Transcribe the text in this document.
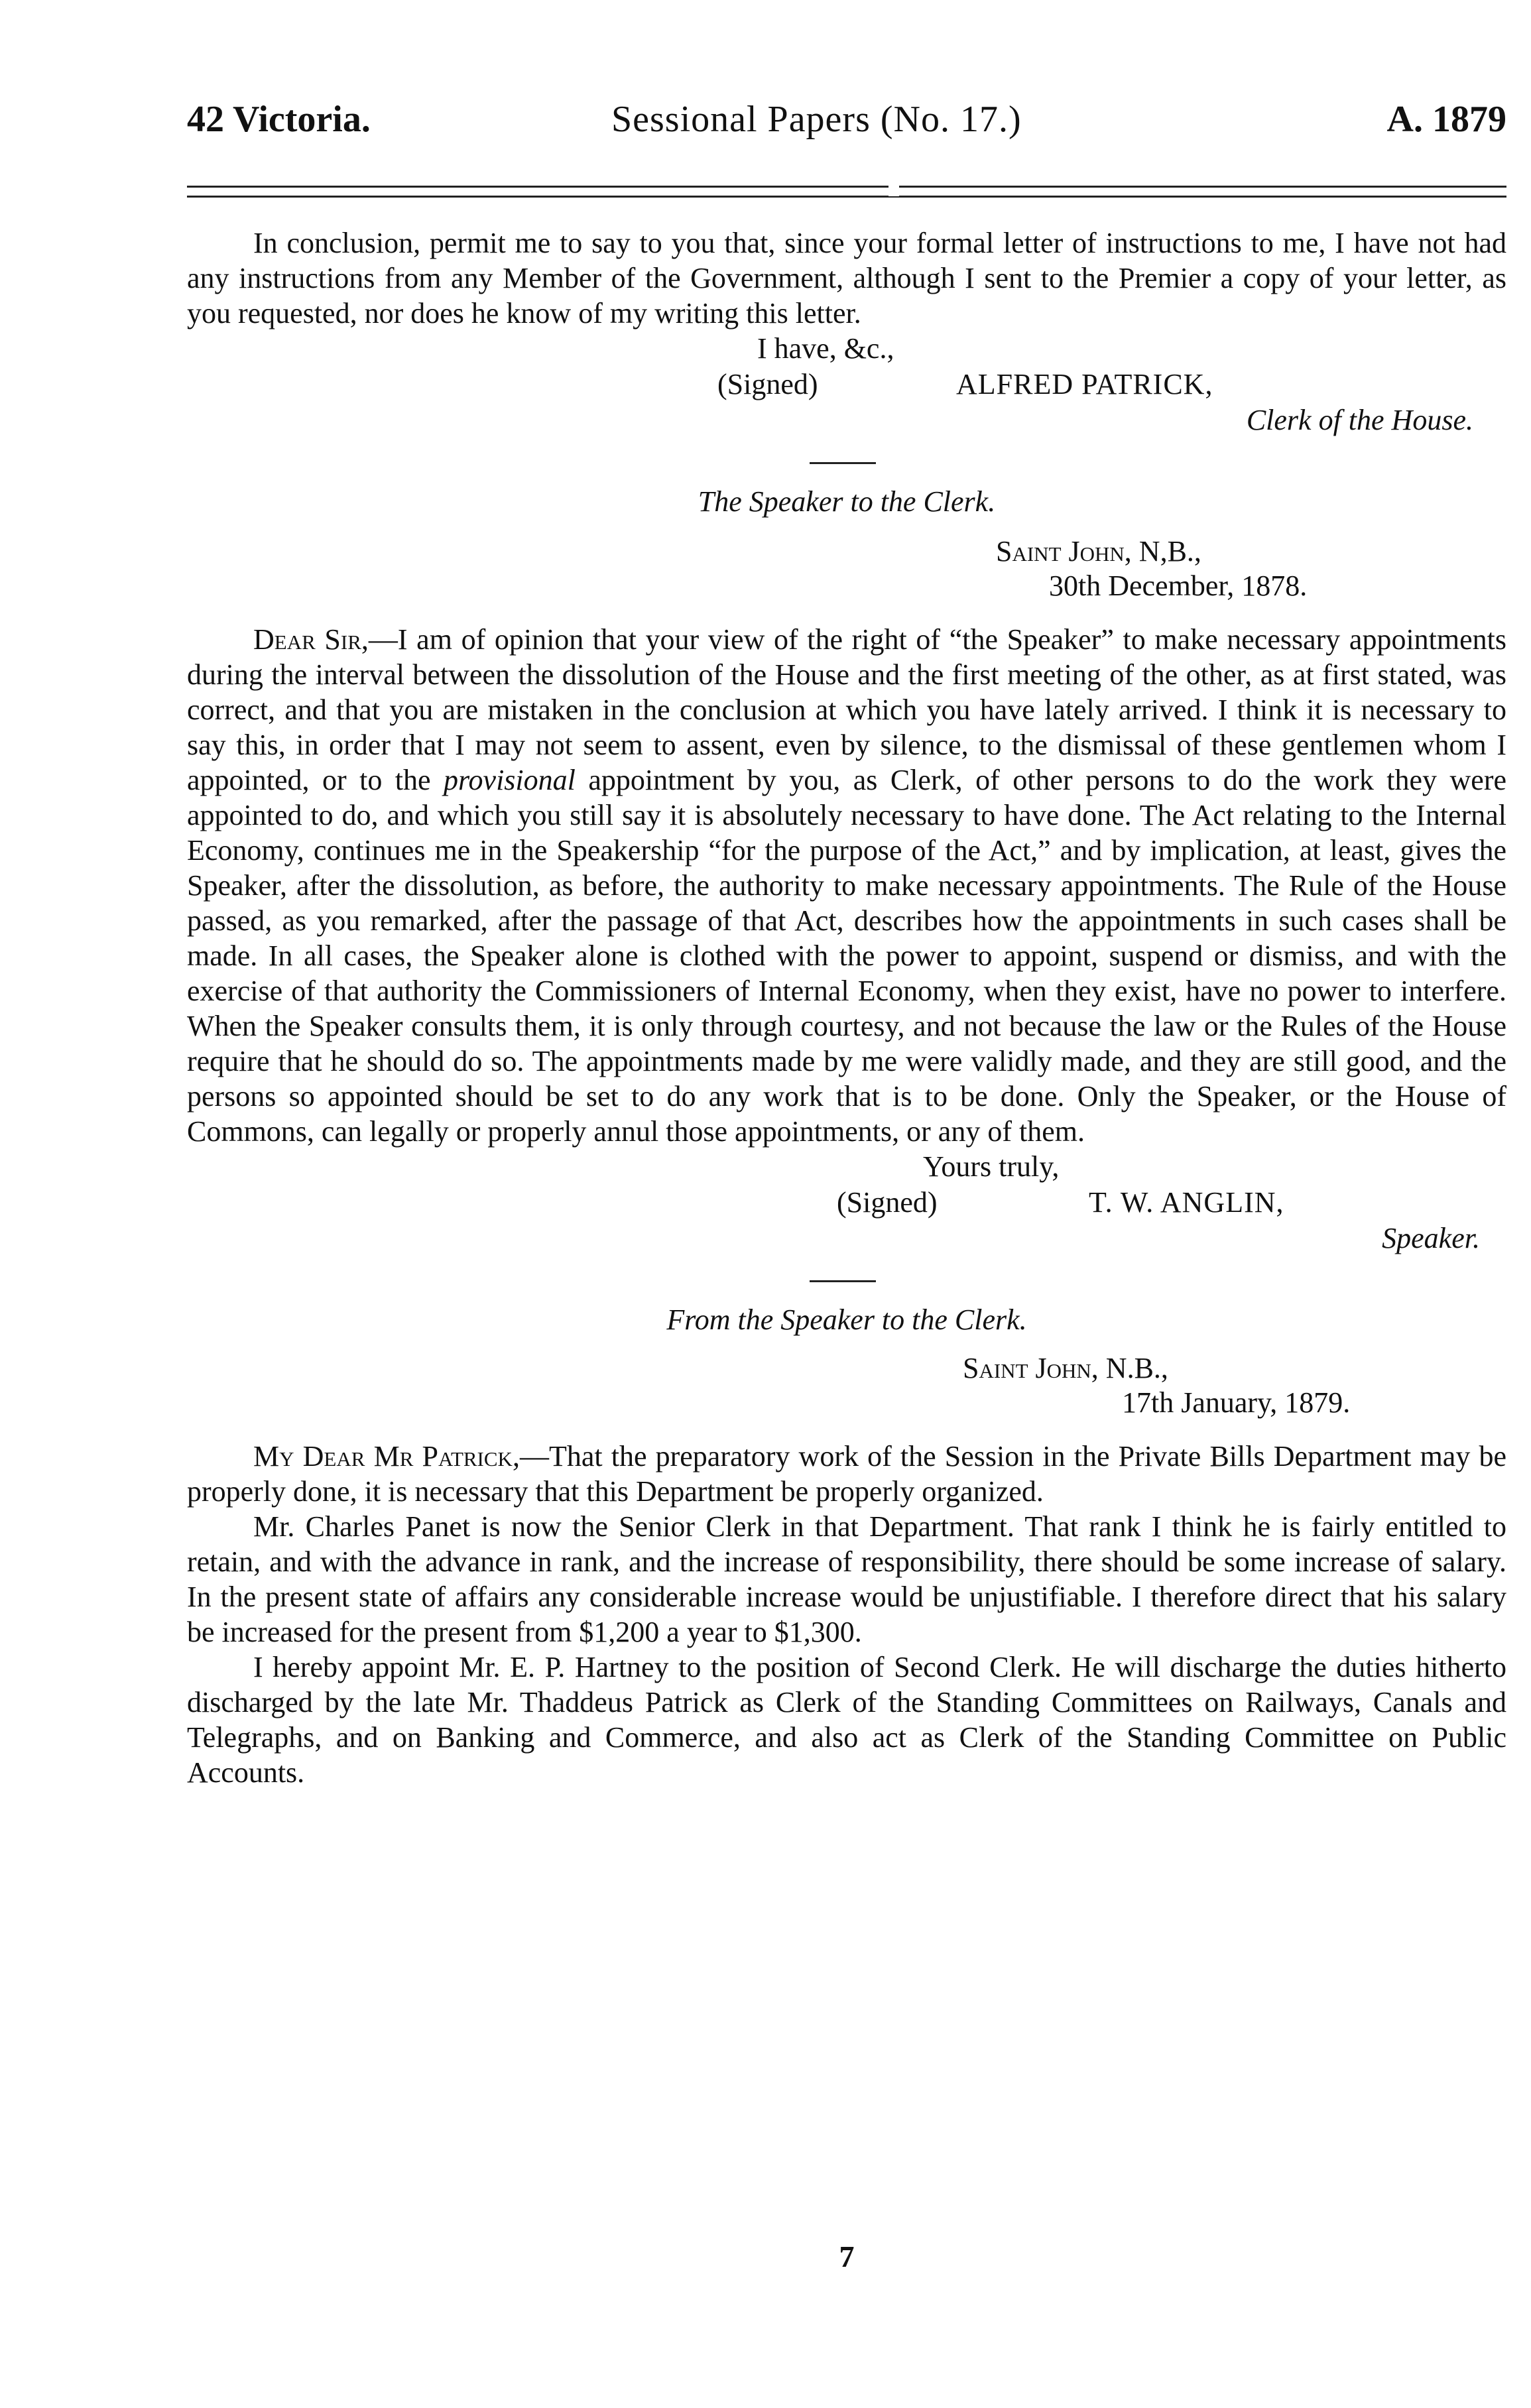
42 Victoria.	Sessional Papers (No. 17.)	A. 1879

In conclusion, permit me to say to you that, since your formal letter of instructions to me, I have not had any instructions from any Member of the Government, although I sent to the Premier a copy of your letter, as you requested, nor does he know of my writing this letter.

I have, &c.,
(Signed)	ALFRED PATRICK,
Clerk of the House.
The Speaker to the Clerk.
Saint John, N,B.,
30th December, 1878.

Dear Sir,—I am of opinion that your view of the right of “the Speaker” to make necessary appointments during the interval between the dissolution of the House and the first meeting of the other, as at first stated, was correct, and that you are mistaken in the conclusion at which you have lately arrived. I think it is necessary to say this, in order that I may not seem to assent, even by silence, to the dismissal of these gentlemen whom I appointed, or to the provisional appointment by you, as Clerk, of other persons to do the work they were appointed to do, and which you still say it is absolutely necessary to have done. The Act relating to the Internal Economy, continues me in the Speakership “for the purpose of the Act,” and by implication, at least, gives the Speaker, after the dissolution, as before, the authority to make necessary appointments. The Rule of the House passed, as you remarked, after the passage of that Act, describes how the appointments in such cases shall be made. In all cases, the Speaker alone is clothed with the power to appoint, suspend or dismiss, and with the exercise of that authority the Commissioners of Internal Economy, when they exist, have no power to interfere. When the Speaker consults them, it is only through courtesy, and not because the law or the Rules of the House require that he should do so. The appointments made by me were validly made, and they are still good, and the persons so appointed should be set to do any work that is to be done. Only the Speaker, or the House of Commons, can legally or properly annul those appointments, or any of them.

Yours truly,
(Signed)	T. W. ANGLIN,
Speaker.
From the Speaker to the Clerk.
Saint John, N.B.,
17th January, 1879.

My Dear Mr Patrick,—That the preparatory work of the Session in the Private Bills Department may be properly done, it is necessary that this Department be properly organized.

Mr. Charles Panet is now the Senior Clerk in that Department. That rank I think he is fairly entitled to retain, and with the advance in rank, and the increase of responsibility, there should be some increase of salary. In the present state of affairs any considerable increase would be unjustifiable. I therefore direct that his salary be increased for the present from $1,200 a year to $1,300.

I hereby appoint Mr. E. P. Hartney to the position of Second Clerk. He will discharge the duties hitherto discharged by the late Mr. Thaddeus Patrick as Clerk of the Standing Committees on Railways, Canals and Telegraphs, and on Banking and Commerce, and also act as Clerk of the Standing Committee on Public Accounts.

7
